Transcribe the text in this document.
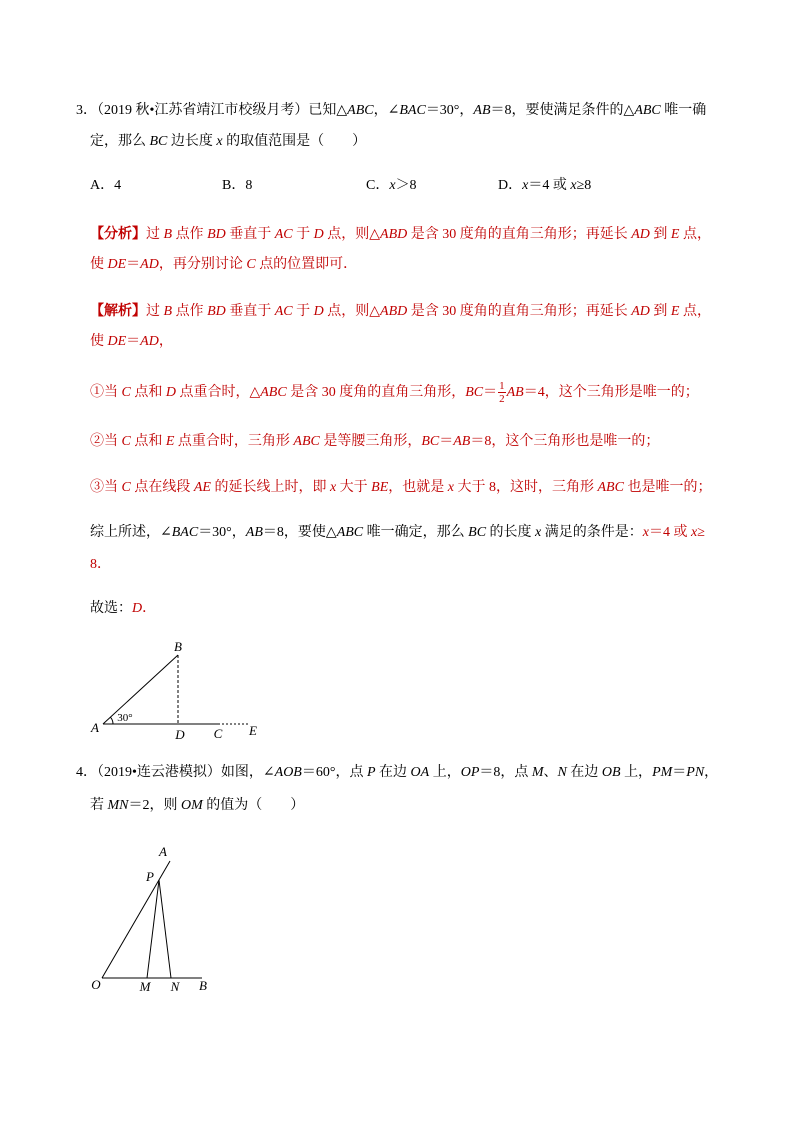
3．（2019 秋•江苏省靖江市校级月考）已知△ABC，∠BAC＝30°，AB＝8，要使满足条件的△ABC 唯一确
定，那么 BC 边长度 x 的取值范围是（　　）
A．4	B．8	C．x＞8	D．x＝4 或 x≥8
【分析】过 B 点作 BD 垂直于 AC 于 D 点，则△ABD 是含 30 度角的直角三角形；再延长 AD 到 E 点，
使 DE＝AD，再分别讨论 C 点的位置即可．
【解析】过 B 点作 BD 垂直于 AC 于 D 点，则△ABD 是含 30 度角的直角三角形；再延长 AD 到 E 点，
使 DE＝AD，
①当 C 点和 D 点重合时，△ABC 是含 30 度角的直角三角形，$BC= \frac{1}{2} AB=4$，这个三角形是唯一的；
②当 C 点和 E 点重合时，三角形 ABC 是等腰三角形，BC＝AB＝8，这个三角形也是唯一的；
③当 C 点在线段 AE 的延长线上时，即 x 大于 BE，也就是 x 大于 8，这时，三角形 ABC 也是唯一的；
综上所述，∠BAC＝30°，AB＝8，要使△ABC 唯一确定，那么 BC 的长度 x 满足的条件是：x＝4 或 x≥
8．
故选：D．
B
A	D C E
30°
4．（2019•连云港模拟）如图，∠AOB＝60°，点 P 在边 OA 上，OP＝8，点 M、N 在边 OB 上，PM＝PN，
若 MN＝2，则 OM 的值为（　　）
A
P
O	M N B
